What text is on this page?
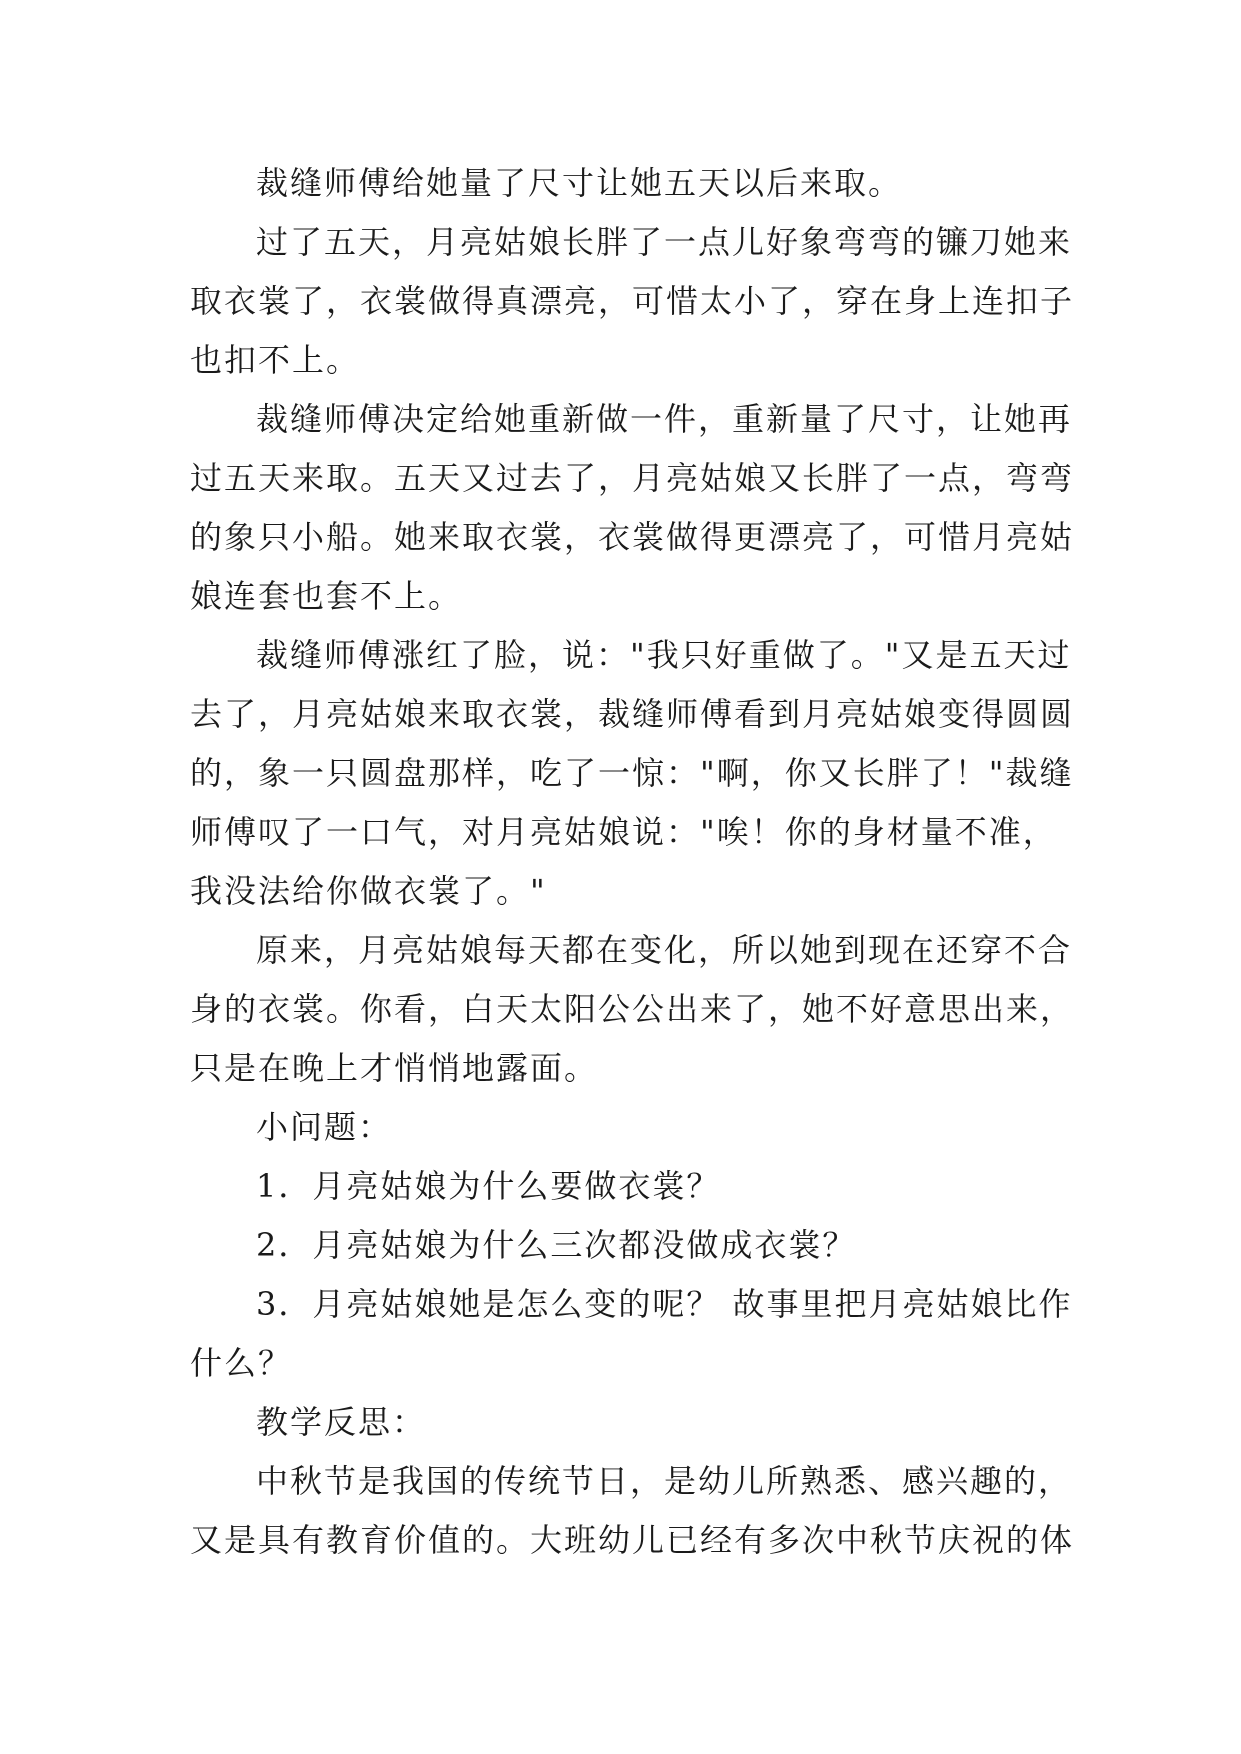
裁缝师傅给她量了尺寸让她五天以后来取。
过了五天，月亮姑娘长胖了一点儿好象弯弯的镰刀她来
取衣裳了，衣裳做得真漂亮，可惜太小了，穿在身上连扣子
也扣不上。
裁缝师傅决定给她重新做一件，重新量了尺寸，让她再
过五天来取。五天又过去了，月亮姑娘又长胖了一点，弯弯
的象只小船。她来取衣裳，衣裳做得更漂亮了，可惜月亮姑
娘连套也套不上。
裁缝师傅涨红了脸，说："我只好重做了。"又是五天过
去了，月亮姑娘来取衣裳，裁缝师傅看到月亮姑娘变得圆圆
的，象一只圆盘那样，吃了一惊："啊，你又长胖了！"裁缝
师傅叹了一口气，对月亮姑娘说："唉！你的身材量不准，
我没法给你做衣裳了。"
原来，月亮姑娘每天都在变化，所以她到现在还穿不合
身的衣裳。你看，白天太阳公公出来了，她不好意思出来，
只是在晚上才悄悄地露面。
小问题：
1．月亮姑娘为什么要做衣裳？
2．月亮姑娘为什么三次都没做成衣裳？
3．月亮姑娘她是怎么变的呢？ 故事里把月亮姑娘比作
什么？
教学反思：
中秋节是我国的传统节日，是幼儿所熟悉、感兴趣的，
又是具有教育价值的。大班幼儿已经有多次中秋节庆祝的体
